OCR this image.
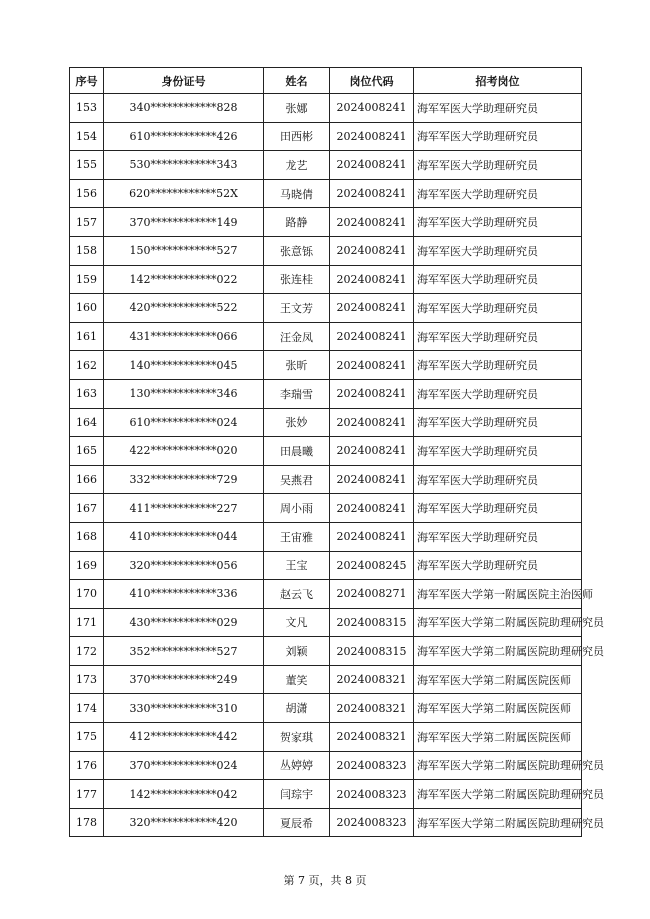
序号	身份证号	姓名	岗位代码	招考岗位
153	340************828	张娜	2024008241	海军军医大学助理研究员
154	610************426	田西彬	2024008241	海军军医大学助理研究员
155	530************343	龙艺	2024008241	海军军医大学助理研究员
156	620************52X	马晓倩	2024008241	海军军医大学助理研究员
157	370************149	路静	2024008241	海军军医大学助理研究员
158	150************527	张意铄	2024008241	海军军医大学助理研究员
159	142************022	张连桂	2024008241	海军军医大学助理研究员
160	420************522	王文芳	2024008241	海军军医大学助理研究员
161	431************066	汪金凤	2024008241	海军军医大学助理研究员
162	140************045	张昕	2024008241	海军军医大学助理研究员
163	130************346	李瑞雪	2024008241	海军军医大学助理研究员
164	610************024	张妙	2024008241	海军军医大学助理研究员
165	422************020	田晨曦	2024008241	海军军医大学助理研究员
166	332************729	吴燕君	2024008241	海军军医大学助理研究员
167	411************227	周小雨	2024008241	海军军医大学助理研究员
168	410************044	王宙雅	2024008241	海军军医大学助理研究员
169	320************056	王宝	2024008245	海军军医大学助理研究员
170	410************336	赵云飞	2024008271	海军军医大学第一附属医院主治医师
171	430************029	文凡	2024008315	海军军医大学第二附属医院助理研究员
172	352************527	刘颖	2024008315	海军军医大学第二附属医院助理研究员
173	370************249	董笑	2024008321	海军军医大学第二附属医院医师
174	330************310	胡潇	2024008321	海军军医大学第二附属医院医师
175	412************442	贺家琪	2024008321	海军军医大学第二附属医院医师
176	370************024	丛婷婷	2024008323	海军军医大学第二附属医院助理研究员
177	142************042	闫琮宇	2024008323	海军军医大学第二附属医院助理研究员
178	320************420	夏辰希	2024008323	海军军医大学第二附属医院助理研究员
第 7 页，共 8 页
